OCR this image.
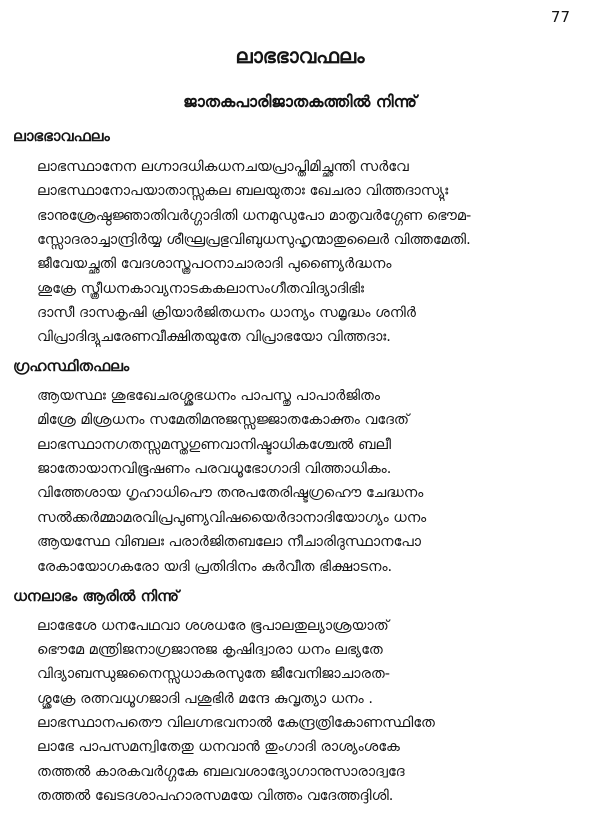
77
ലാഭഭാവഫലം
ജാതകപാരിജാതകത്തിൽ നിന്നു്
ലാഭഭാവഫലം
ലാഭസ്ഥാനേന ലഗ്നാദധികധനചയപ്രാപ്തിമിച്ഛന്തി സർവേ
ലാഭസ്ഥാനോപയാതാസ്സകല ബലയുതാഃ ഖേചരാ വിത്തദാസ്യുഃ
ഭാനുശ്രേഷ്ഠജ്ഞാതിവർഗ്ഗാദിതി ധനമുഡുപോ മാതൃവർഗ്ഗേണ ഭൌമ-
സ്സോദരാച്ചാന്ദ്രിർയ്യ ശീഘ്രപ്രഭുവിബുധസുഹൃന്മാതുലൈർ വിത്തമേതി.
ജീവേയച്ഛതി വേദശാസ്ത്രപഠനാചാരാദി പുണ്യൈർദ്ധനം
ശുക്രേ സ്ത്രീധനകാവ്യനാടകകലാസംഗീതവിദ്യാദിഭിഃ
ദാസീ ദാസകൃഷി ക്രിയാർജിതധനം ധാന്യം സമൃദ്ധം ശനിർ
വിപ്രാദിദ്യുചരേണവീക്ഷിതയുതേ വിപ്രാഭയോ വിത്തദാഃ.
ഗ്രഹസ്ഥിതഫലം
ആയസ്ഥഃ ശുഭഖേചരശ്ശുഭധനം പാപസ്തു പാപാർജിതം
മിശ്രേ മിശ്രധനം സമേതിമനുജസ്സജ്ജാതകോക്തം വദേത്
ലാഭസ്ഥാനഗതസ്സമസ്തഗുണവാനിഷ്ടാധികശ്ചേൽ ബലീ
ജാതോയാനവിഭൂഷണം പരവധൂഭോഗാദി വിത്താധികം.
വിത്തേശായ ഗൃഹാധിപൌ തനുപതേരിഷ്ടഗ്രഹൌ ചേദ്ധനം
സൽക്കർമ്മാമരവിപ്രപുണ്യവിഷയൈർദാനാദിയോഗ്യം ധനം
ആയസ്ഥേ വിബലഃ പരാർജിതബലോ നീചാരിദുസ്ഥാനപോ
രേകായോഗകരോ യദി പ്രതിദിനം കുർവീത ഭിക്ഷാടനം.
ധനലാഭം ആരിൽ നിന്നു്
ലാഭേശേ ധനപേഥവാ ശശധരേ ഭൂപാലതുല്യാശ്രയാത്
ഭൌമേ മന്ത്രിജനാഗ്രജാനുജ കൃഷിദ്വാരാ ധനം ലഭ്യതേ
വിദ്യാബന്ധുജനൈസ്സുധാകരസുതേ ജീവേനിജാചാരത-
ശ്ശുക്രേ രത്നവധൂഗജാദി പശുഭിർ മന്ദേ കുവൃത്യാ ധനം .
ലാഭസ്ഥാനപതൌ വിലഗ്നഭവനാൽ കേന്ദ്രത്രികോണസ്ഥിതേ
ലാഭേ പാപസമന്വിതേതു ധനവാൻ തുംഗാദി രാശ്യംശകേ
തത്തൽ കാരകവർഗ്ഗകേ ബലവശാദ്യോഗാനുസാരാദ്വദേ
തത്തൽ ഖേടദശാപഹാരസമയേ വിത്തം വദേത്തദ്ദിശി.
